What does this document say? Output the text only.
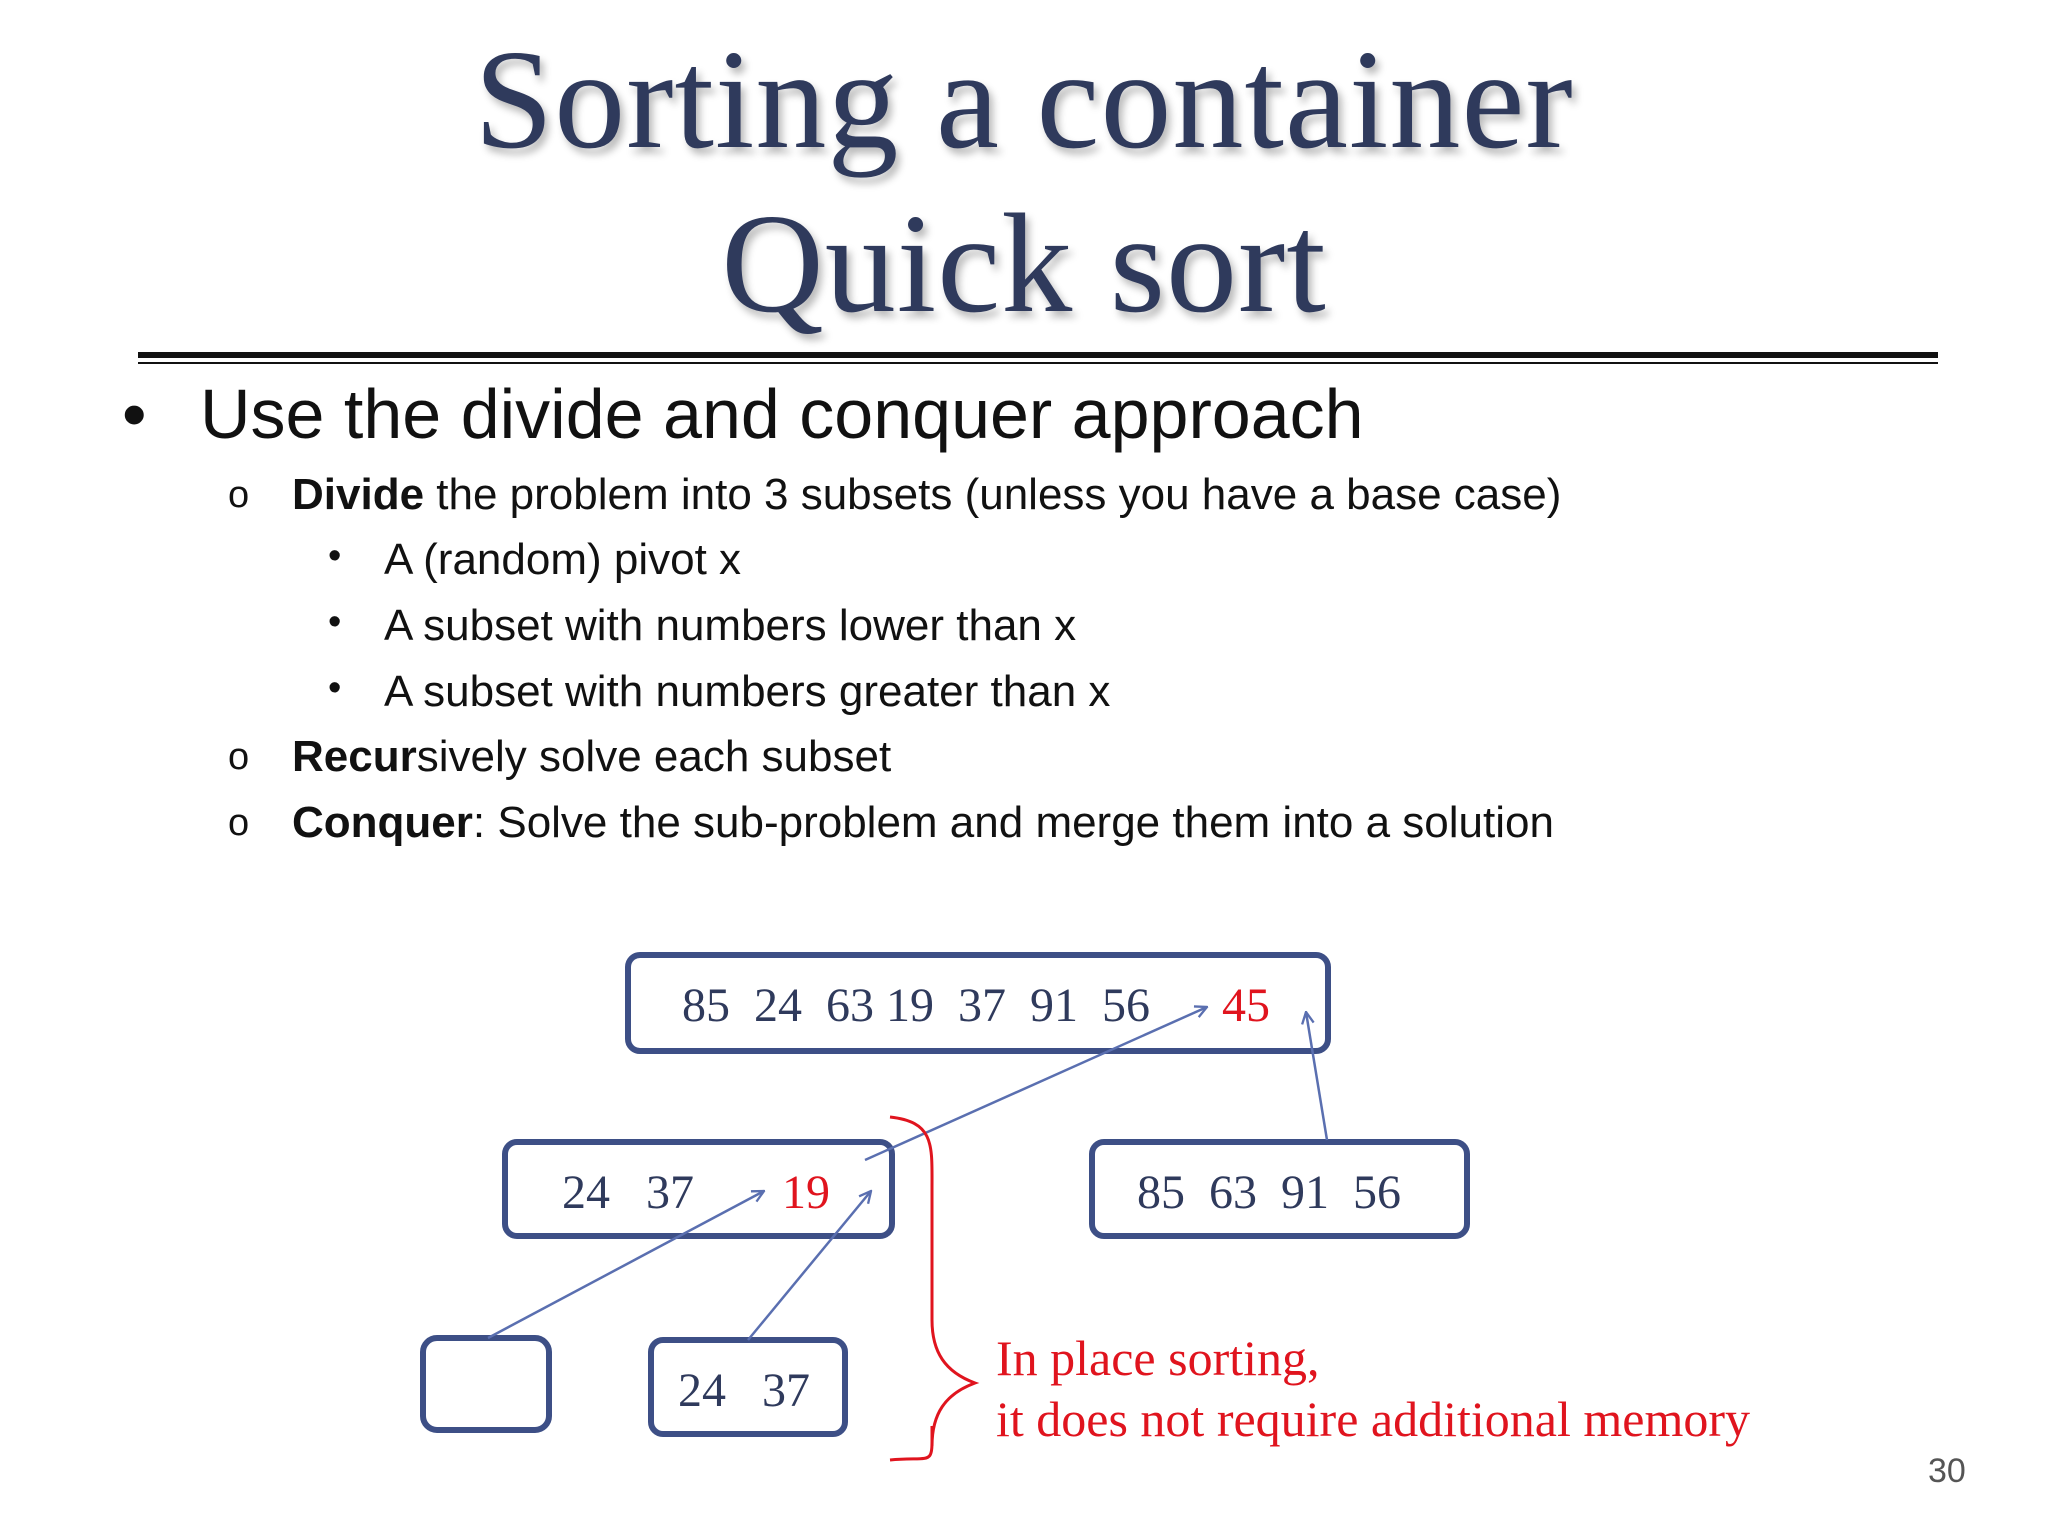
Sorting a container
Quick sort
• Use the divide and conquer approach
o Divide the problem into 3 subsets (unless you have a base case)
• A (random) pivot x
• A subset with numbers lower than x
• A subset with numbers greater than x
o Recursively solve each subset
o Conquer: Solve the sub-problem and merge them into a solution
85  24  63 19  37  91  56	45
24   37 19	85  63  91  56
24   37
In place sorting,
it does not require additional memory
30
